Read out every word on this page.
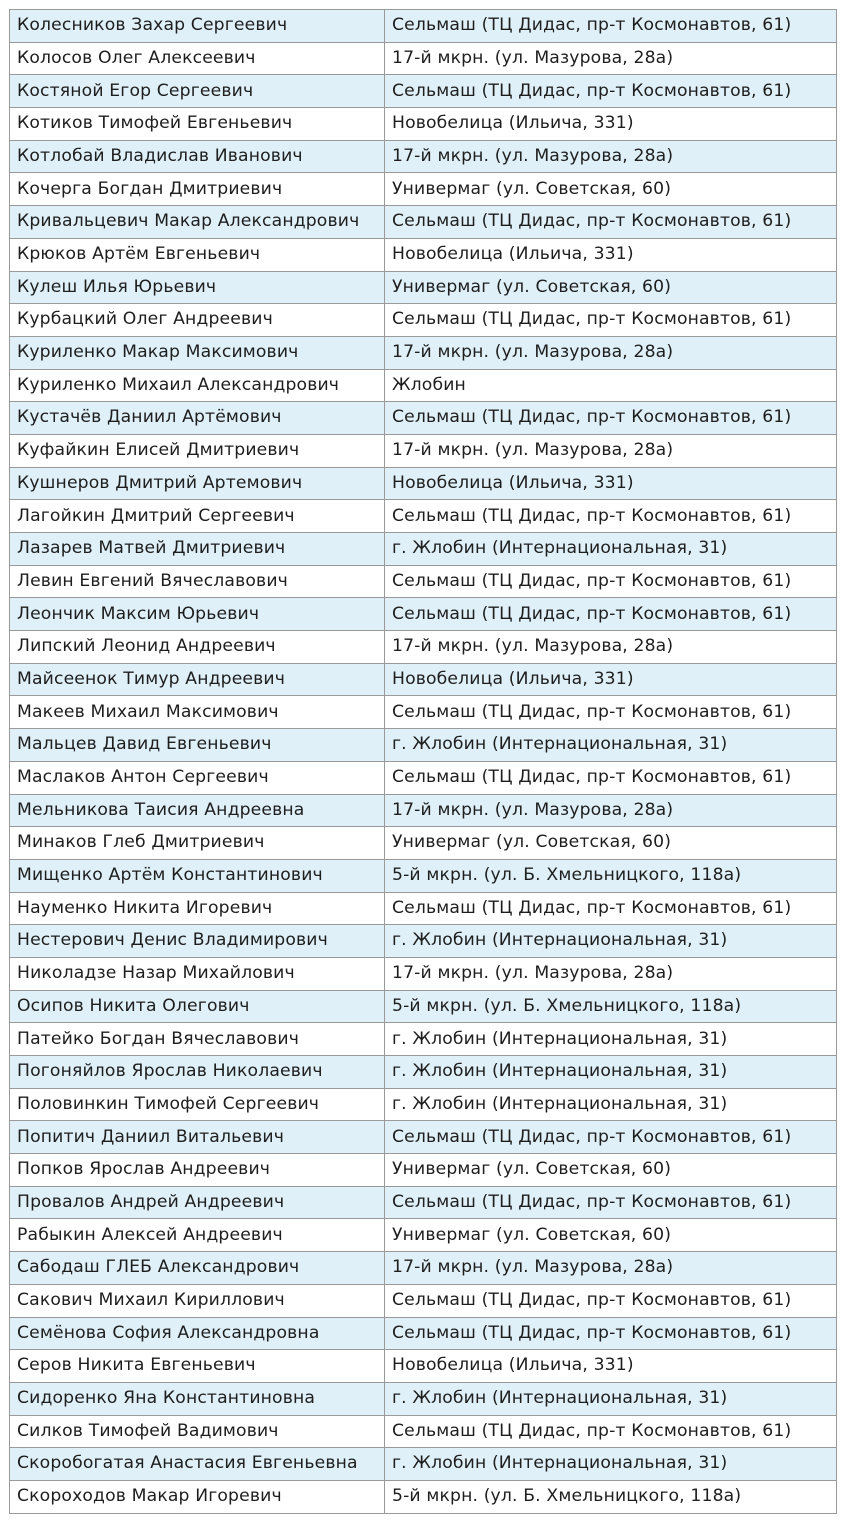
Колесников Захар Сергеевич	Сельмаш (ТЦ Дидас, пр-т Космонавтов, 61)
Колосов Олег Алексеевич	17-й мкрн. (ул. Мазурова, 28а)
Костяной Егор Сергеевич	Сельмаш (ТЦ Дидас, пр-т Космонавтов, 61)
Котиков Тимофей Евгеньевич	Новобелица (Ильича, 331)
Котлобай Владислав Иванович	17-й мкрн. (ул. Мазурова, 28а)
Кочерга Богдан Дмитриевич	Универмаг (ул. Советская, 60)
Кривальцевич Макар Александрович	Сельмаш (ТЦ Дидас, пр-т Космонавтов, 61)
Крюков Артём Евгеньевич	Новобелица (Ильича, 331)
Кулеш Илья Юрьевич	Универмаг (ул. Советская, 60)
Курбацкий Олег Андреевич	Сельмаш (ТЦ Дидас, пр-т Космонавтов, 61)
Куриленко Макар Максимович	17-й мкрн. (ул. Мазурова, 28а)
Куриленко Михаил Александрович	Жлобин
Кустачёв Даниил Артёмович	Сельмаш (ТЦ Дидас, пр-т Космонавтов, 61)
Куфайкин Елисей Дмитриевич	17-й мкрн. (ул. Мазурова, 28а)
Кушнеров Дмитрий Артемович	Новобелица (Ильича, 331)
Лагойкин Дмитрий Сергеевич	Сельмаш (ТЦ Дидас, пр-т Космонавтов, 61)
Лазарев Матвей Дмитриевич	г. Жлобин (Интернациональная, 31)
Левин Евгений Вячеславович	Сельмаш (ТЦ Дидас, пр-т Космонавтов, 61)
Леончик Максим Юрьевич	Сельмаш (ТЦ Дидас, пр-т Космонавтов, 61)
Липский Леонид Андреевич	17-й мкрн. (ул. Мазурова, 28а)
Майсеенок Тимур Андреевич	Новобелица (Ильича, 331)
Макеев Михаил Максимович	Сельмаш (ТЦ Дидас, пр-т Космонавтов, 61)
Мальцев Давид Евгеньевич	г. Жлобин (Интернациональная, 31)
Маслаков Антон Сергеевич	Сельмаш (ТЦ Дидас, пр-т Космонавтов, 61)
Мельникова Таисия Андреевна	17-й мкрн. (ул. Мазурова, 28а)
Минаков Глеб Дмитриевич	Универмаг (ул. Советская, 60)
Мищенко Артём Константинович	5-й мкрн. (ул. Б. Хмельницкого, 118а)
Науменко Никита Игоревич	Сельмаш (ТЦ Дидас, пр-т Космонавтов, 61)
Нестерович Денис Владимирович	г. Жлобин (Интернациональная, 31)
Николадзе Назар Михайлович	17-й мкрн. (ул. Мазурова, 28а)
Осипов Никита Олегович	5-й мкрн. (ул. Б. Хмельницкого, 118а)
Патейко Богдан Вячеславович	г. Жлобин (Интернациональная, 31)
Погоняйлов Ярослав Николаевич	г. Жлобин (Интернациональная, 31)
Половинкин Тимофей Сергеевич	г. Жлобин (Интернациональная, 31)
Попитич Даниил Витальевич	Сельмаш (ТЦ Дидас, пр-т Космонавтов, 61)
Попков Ярослав Андреевич	Универмаг (ул. Советская, 60)
Провалов Андрей Андреевич	Сельмаш (ТЦ Дидас, пр-т Космонавтов, 61)
Рабыкин Алексей Андреевич	Универмаг (ул. Советская, 60)
Сабодаш ГЛЕБ Александрович	17-й мкрн. (ул. Мазурова, 28а)
Сакович Михаил Кириллович	Сельмаш (ТЦ Дидас, пр-т Космонавтов, 61)
Семёнова София Александровна	Сельмаш (ТЦ Дидас, пр-т Космонавтов, 61)
Серов Никита Евгеньевич	Новобелица (Ильича, 331)
Сидоренко Яна Константиновна	г. Жлобин (Интернациональная, 31)
Силков Тимофей Вадимович	Сельмаш (ТЦ Дидас, пр-т Космонавтов, 61)
Скоробогатая Анастасия Евгеньевна	г. Жлобин (Интернациональная, 31)
Скороходов Макар Игоревич	5-й мкрн. (ул. Б. Хмельницкого, 118а)
